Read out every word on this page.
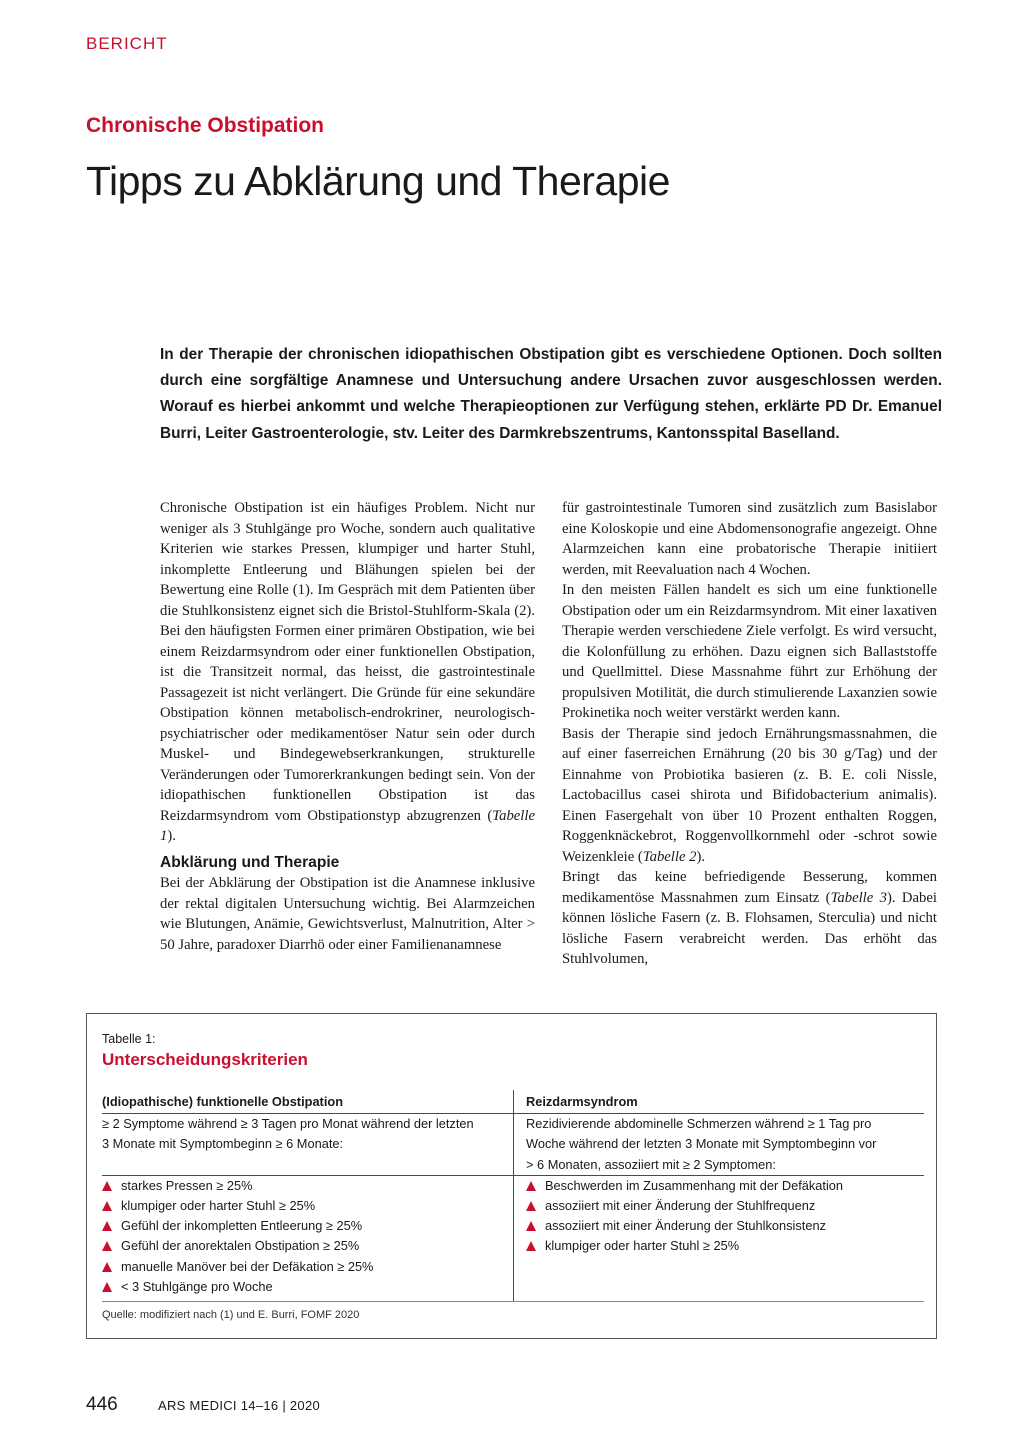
BERICHT
Chronische Obstipation
Tipps zu Abklärung und Therapie
In der Therapie der chronischen idiopathischen Obstipation gibt es verschiedene Optionen. Doch sollten durch eine sorgfältige Anamnese und Untersuchung andere Ursachen zuvor ausgeschlossen werden. Worauf es hierbei ankommt und welche Therapieoptionen zur Verfügung stehen, erklärte PD Dr. Emanuel Burri, Leiter Gastroenterologie, stv. Leiter des Darmkrebszentrums, Kantonsspital Baselland.

Chronische Obstipation ist ein häufiges Problem. Nicht nur weniger als 3 Stuhlgänge pro Woche, sondern auch qualitative Kriterien wie starkes Pressen, klumpiger und harter Stuhl, inkomplette Entleerung und Blähungen spielen bei der Bewertung eine Rolle (1). Im Gespräch mit dem Patienten über die Stuhlkonsistenz eignet sich die Bristol-Stuhlform-Skala (2). Bei den häufigsten Formen einer primären Obstipation, wie bei einem Reizdarmsyndrom oder einer funktionellen Obstipation, ist die Transitzeit normal, das heisst, die gastrointestinale Passagezeit ist nicht verlängert. Die Gründe für eine sekundäre Obstipation können metabolisch-endrokriner, neurologisch-psychiatrischer oder medikamentöser Natur sein oder durch Muskel- und Bindegewebserkrankungen, strukturelle Veränderungen oder Tumorerkrankungen bedingt sein. Von der idiopathischen funktionellen Obstipation ist das Reizdarmsyndrom vom Obstipationstyp abzugrenzen (Tabelle 1).

Abklärung und Therapie

Bei der Abklärung der Obstipation ist die Anamnese inklusive der rektal digitalen Untersuchung wichtig. Bei Alarmzeichen wie Blutungen, Anämie, Gewichtsverlust, Malnutrition, Alter > 50 Jahre, paradoxer Diarrhö oder einer Familienanamnese

für gastrointestinale Tumoren sind zusätzlich zum Basislabor eine Koloskopie und eine Abdomensonografie angezeigt. Ohne Alarmzeichen kann eine probatorische Therapie initiiert werden, mit Reevaluation nach 4 Wochen.

In den meisten Fällen handelt es sich um eine funktionelle Obstipation oder um ein Reizdarmsyndrom. Mit einer laxativen Therapie werden verschiedene Ziele verfolgt. Es wird versucht, die Kolonfüllung zu erhöhen. Dazu eignen sich Ballaststoffe und Quellmittel. Diese Massnahme führt zur Erhöhung der propulsiven Motilität, die durch stimulierende Laxanzien sowie Prokinetika noch weiter verstärkt werden kann.

Basis der Therapie sind jedoch Ernährungsmassnahmen, die auf einer faserreichen Ernährung (20 bis 30 g/Tag) und der Einnahme von Probiotika basieren (z. B. E. coli Nissle, Lactobacillus casei shirota und Bifidobacterium animalis). Einen Fasergehalt von über 10 Prozent enthalten Roggen, Roggenknäckebrot, Roggenvollkornmehl oder -schrot sowie Weizenkleie (Tabelle 2).

Bringt das keine befriedigende Besserung, kommen medikamentöse Massnahmen zum Einsatz (Tabelle 3). Dabei können lösliche Fasern (z. B. Flohsamen, Sterculia) und nicht lösliche Fasern verabreicht werden. Das erhöht das Stuhlvolumen,

Tabelle 1:
Unterscheidungskriterien
(Idiopathische) funktionelle Obstipation	Reizdarmsyndrom
≥ 2 Symptome während ≥ 3 Tagen pro Monat während der letzten
3 Monate mit Symptombeginn ≥ 6 Monate:
Rezidivierende abdominelle Schmerzen während ≥ 1 Tag pro
Woche während der letzten 3 Monate mit Symptombeginn vor
> 6 Monaten, assoziiert mit ≥ 2 Symptomen:
starkes Pressen ≥ 25%
klumpiger oder harter Stuhl ≥ 25%
Gefühl der inkompletten Entleerung ≥ 25%
Gefühl der anorektalen Obstipation ≥ 25%
manuelle Manöver bei der Defäkation ≥ 25%
< 3 Stuhlgänge pro Woche
Beschwerden im Zusammenhang mit der Defäkation
assoziiert mit einer Änderung der Stuhlfrequenz
assoziiert mit einer Änderung der Stuhlkonsistenz
klumpiger oder harter Stuhl ≥ 25%
Quelle: modifiziert nach (1) und E. Burri, FOMF 2020
446	ARS MEDICI 14–16 | 2020
